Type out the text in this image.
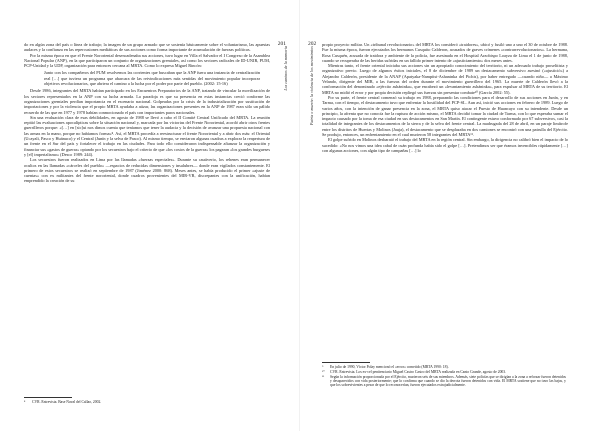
201
Los caminos de la memoria

do en algún zona del país o línea de trabajo; la imagen de un grupo armado que se sostenía básicamente sobre el voluntarismo, las apuestas audaces y la confianza en las repercusiones mediáticas de sus acciones como forma importante de acumulación de fuerzas políticas.

Por la misma época en que el Frente Nororiental desencadenaba sus acciones, tuvo lugar en Villa el Salvador el I Congreso de la Asamblea Nacional Popular (ANP), en la que participaron un conjunto de organizaciones gremiales, así como los sectores radicales de ID-UNIR, PUM, PCP-Unidad y la UDP, organización para entonces cercana al MRTA. Como lo expresa Miguel Rincón:

Junto con los compañeros del PUM resolvemos las corrientes que buscaban que la ANP fuera una instancia de centralización real […] que tuviera un programa que abarcara de las reivindicaciones más sentidas del movimiento popular incorporar objetivos revolucionarios, que abriera el camino a la lucha por el poder por parte del pueblo. (2002: 15-16)

Desde 1986, integrantes del MRTA habían participado en los Encuentros Preparatorios de la ANP, tratando de vincular la movilización de los sectores representados en la ANP con su lucha armada. La paradoja es que su presencia en estas instancias creció conforme las organizaciones gremiales perdían importancia en el escenario nacional. Golpeadas por la crisis de la industrialización por sustitución de importaciones y por la violencia que el propio MRTA ayudaba a atizar, las organizaciones presentes en la ANP de 1987 eran sólo un pálido recuerdo de las que en 1977 y 1978 habían conmocionado el país con importantes paros nacionales.

Sin una evaluación clara de esas debilidades, en agosto de 1988 se llevó a cabo el II Comité Central Unificado del MRTA. La reunión repitió las evaluaciones apocalípticas sobre la situación nacional y, marcada por las victorias del Frente Nororiental, acordó abrir otros frentes guerrilleros porque: «[…] en [sic]ui nos dimos cuenta que teníamos que tener la audacia y la decisión de avanzar una propuesta nacional con las armas en la mano, porque no habíamos forma»⁸. Así, el MRTA procedía a reestructurar el frente Nororiental y a abrir dos más: el Oriental (Ucayali, Pasco y Huánuco) y el Central (Junín y la selva de Pasco). Al mismo tiempo, se enviaron algunas cuadras a explorar la reapertura de un frente en el Sur del país y fortalecer el trabajo en las ciudades. Para todo ello consideraron indispensable afianzar la organización y financiar sus «gastos de guerra» optando por los secuestros bajo el criterio de que «los costos de la guerra» los pagaran «los grandes burgueses y [el] imperialismo» (Desco 1989: 244).

Los secuestros fueron realizados en Lima por las llamadas «fuerzas especiales». Durante su cautiverio, los rehenes eran permanecer ocultos en las llamadas «cárceles del pueblo» —espacios de reducidas dimensiones y insalubres— donde eran vigilados constantemente. El primero de estos secuestros se realizó en septiembre de 1987 (Jiménez 2000: 868). Meses antes, se había producido el primer «ajuste de cuentas» con ex militantes del frente nororiental, donde cuadros provenientes del MIR-VR, discrepantes con la unificación, habían emprendido la creación de su

⁸	CVR. Entrevista. Base Naval del Callao, 2002.
202
Patria o muerte: la violencia de los movimientos

propio proyecto militar. Un «tribunal revolucionario» del MRTA los consideró «traidores», ubicó y fusiló uno a uno el 30 de octubre de 1988. Fue la misma época, fueron ejecutados los hermanos Cusquito Calderon, acusados de graves crímenes «contrarrevolucionarios». La hermana, Rosa Cusquén, acusada de traidora y ambiente de la policía, fue asesinada en el Hospital Arzobispo Loayza de Lima el 1 de junio de 1988, cuando se recuperaba de las heridas sufridas en un fallido primer intento de «ajusticiamiento» dos meses antes.

Mientras tanto, el frente oriental iniciaba sus acciones sin un apropiado conocimiento del territorio, ni un adecuado trabajo proselitista y organizativo previo. Luego de algunos éxitos iniciales, el 8 de diciembre de 1989 un destacamento subversivo asesinó («ajustició») a Alejandro Calderón, presidente de la ANAP (Apatyaka-Nampitsi-Ashaninka del Pichis), por haber entregado —cuando niño— a Máximo Velando, dirigente del MIR, a las fuerzas del orden durante el movimiento guerrillero del 1965. La muerte de Calderón llevó a la conformación del denominado «ejército asháninka», que encabezó un «levantamiento asháninka», para expulsar al MRTA de su territorio. El MRTA no midió el error y por propia decisión repliegó sus fuerzas sin presentar combate¹⁰ (García 2002: 55).

Por su parte, el frente central comenzó su trabajo en 1988, preparando las condiciones para el desarrollo de sus acciones en Junín, y en Tarma, con el tiempo, el destacamento tuvo que enfrentar la hostilidad del PCP-SL. Aun así, inició sus acciones en febrero de 1989. Luego de varios años, con la intención de ganar presencia en la zona, el MRTA quiso atacar el Puesto de Huancayo con su intendente. Desde un principio, la afrenta que no conocía fue la ruptura de acción mismo, el MRTA decidió tomar la ciudad de Tarma, con lo que esperaba sumar el impacto causado por la toma de esa ciudad en sus destacamentos en San Martín. El contingente estuvo conformado por 67 subversivos, casi la totalidad de integrantes de los destacamentos de la sierra y de la selva del frente central. La madrugada del 28 de abril, en un paraje limítrofe entre los distritos de Huertas y Molinos (Jauja), el destacamento que se desplazaba en dos camiones se encontró con una patrulla del Ejército. Se produjo, entonces, un enfrentamiento en el cual murieron 58 integrantes del MRTA¹¹.

El golpe sufrido en Molinos desbarató el trabajo del MRTA en la región central. Sin embargo, la dirigencia no calibró bien el impacto de lo sucedido: «No nos vimos una idea cabal de cuán profunda había sido el golpe […]. Pretendimos ser que éramos invencibles rápidamente […] con algunas acciones, con algún tipo de campañas […] lo

⁹	En julio de 1990, Víctor Polay mencionó el «error» cometido (MRTA 1990: 18).
¹⁰	CVR. Entrevista. Los ex-cel penitenciario Miguel Castro Castro del MRTA realizada en Canto Grande, agosto de 2003.
¹¹	Según la información proporcionada por el Ejército, murieron seis de sus miembros. Además, siete policías que se dirigían a la zona a reforzar fueron detenidos y desaparecidos con vida posteriormente; que lo confirma que cuando se dio la derrota fueron detenidos con vida. El MRTA sostiene que no tuvo las bajas, y que los sobrevivientes a pesar de que lo reconocerían, fueron ejecutados extrajudicialmente.
